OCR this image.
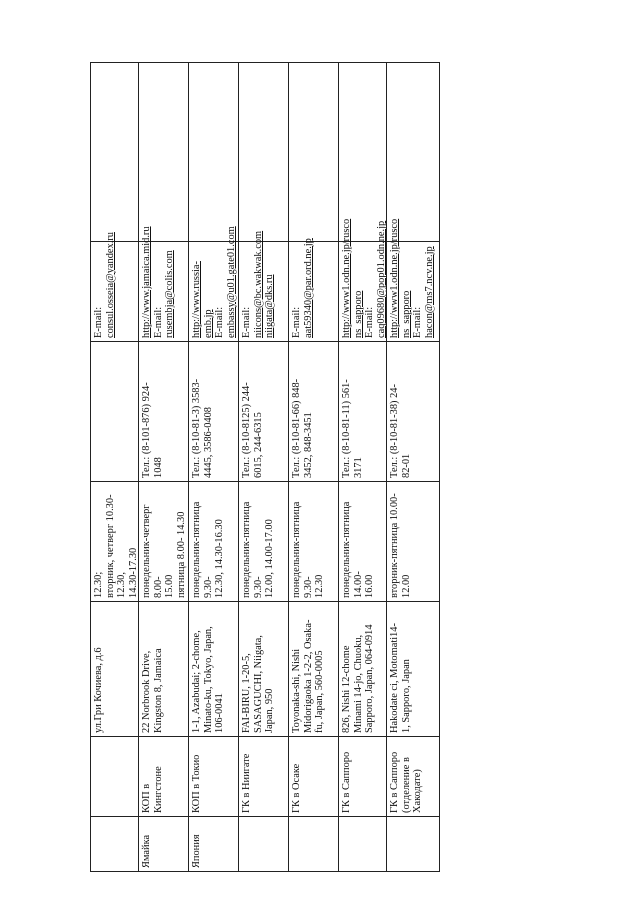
ул.Гри Кочиева, д.6
12.30; вторник, четверг 10.30-12.30, 14.30-17.30
E-mail: consul.osseia@yandex.ru
Ямайка
КОП в Кингстоне
22 Norbrook Drive, Kingston 8, Jamaica
понедельник-четверг 8.00- 15.00 пятница 8.00- 14.30
Тел.: (8-101-876) 924- 1048
http://www.jamaica.mid.ru E-mail: rusembja@colis.com
Япония
КОП в Токио
1-1, Azabudai; 2-chome, Minato-ku, Tokyo, Japan, 106-0041
понедельник-пятница 9.30- 12.30, 14.30-16.30
Тел.: (8-10-81-3) 3583- 4445, 3586-0408
http://www.russia-emb.jp E-mail: embassy@u01.gate01.com
ГК в Ниигате
FAI-BIRU, 1-20-5, SASAGUCHI, Niigata, Japan, 950
понедельник-пятница 9.30- 12.00, 14.00-17.00
Тел.: (8-10-8125) 244- 6015, 244-6315
E-mail: niicons@bc.wakwak.com niigata@dks.ru
ГК в Осаке
Toyonaka-shi, Nishi Midorigaoka 1-2-2, Osaka- fu, Japan, 560-0005
понедельник-пятница 9.30- 12.30
Тел.: (8-10-81-66) 848- 3452, 848-3451
E-mail: aat59340@par.ord.ne.jp
ГК в Саппоро
826, Nishi 12-chome Minami 14-jo, Chuoku, Sapporo, Japan, 064-0914
понедельник-пятница 14.00- 16.00
Тел.: (8-10-81-11) 561- 3171
http://www1.odn.ne.jp/rusco ns_sapporo E-mail: caq09680@pop01.odn.ne.jp
ГК в Саппоро (отделение в Хакодате)
Hakodate ci, Motomati14- 1, Sapporo, Japan
вторник-пятница 10.00-12.00
Тел.: (8-10-81-38) 24- 82-01
http://www1.odn.ne.jp/rusco ns_sapporo E-mail: hacon@ms7.ncv.ne.jp
